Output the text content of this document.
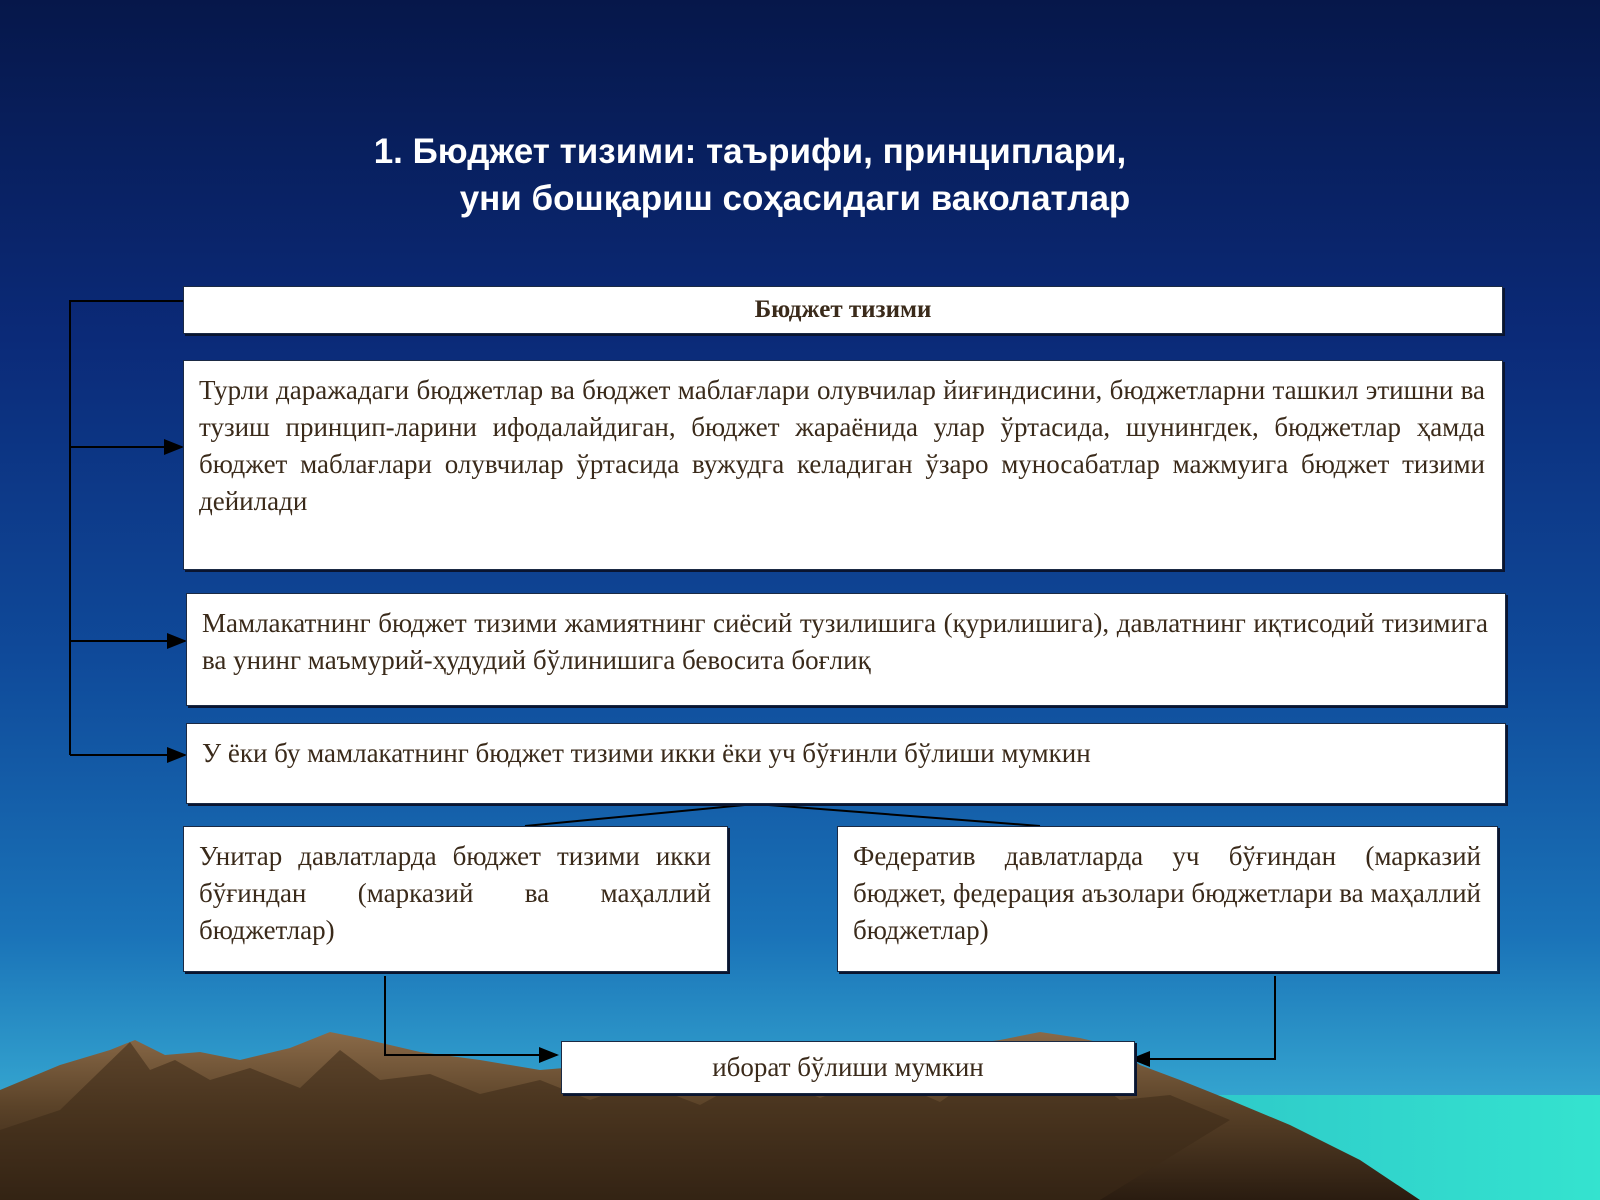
1. Бюджет тизими: таърифи, принциплари,
уни бошқариш соҳасидаги ваколатлар
Бюджет тизими

Турли даражадаги бюджетлар ва бюджет маблағлари олувчилар йиғиндисини, бюджетларни ташкил этишни ва тузиш принцип-ларини ифодалайдиган, бюджет жараёнида улар ўртасида, шунингдек, бюджетлар ҳамда бюджет маблағлари олувчилар ўртасида вужудга келадиган ўзаро муносабатлар мажмуига бюджет тизими дейилади

Мамлакатнинг бюджет тизими жамиятнинг сиёсий тузилишига (қурилишига), давлатнинг иқтисодий тизимига ва унинг маъмурий-ҳудудий бўлинишига бевосита боғлиқ

У ёки бу мамлакатнинг бюджет тизими икки ёки уч бўғинли бўлиши мумкин

Унитар давлатларда бюджет тизими икки бўғиндан (марказий ва маҳаллий бюджетлар)

Федератив давлатларда уч бўғиндан (марказий бюджет, федерация аъзолари бюджетлари ва маҳаллий бюджетлар)

иборат бўлиши мумкин
